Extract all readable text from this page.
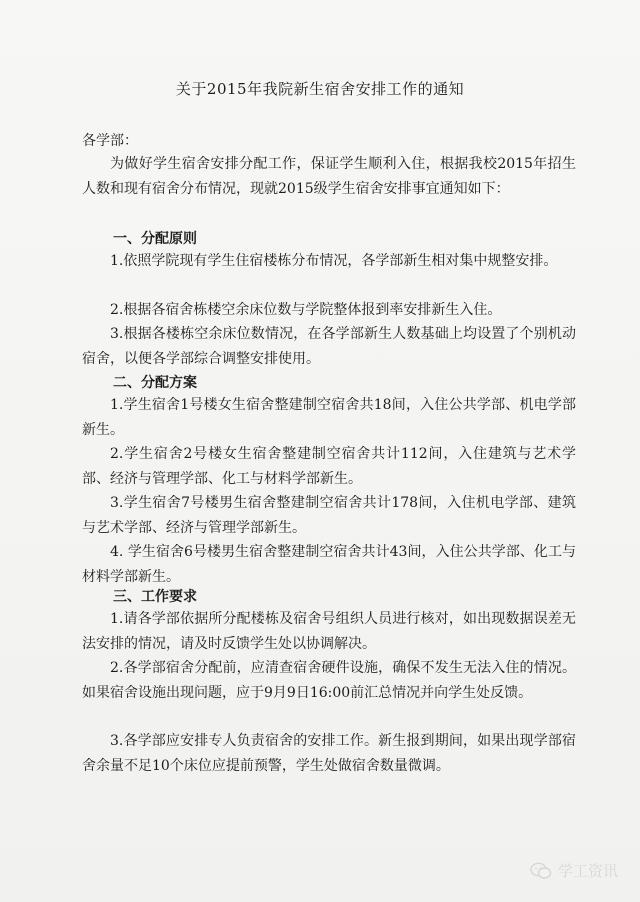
关于2015年我院新生宿舍安排工作的通知
各学部：

为做好学生宿舍安排分配工作，保证学生顺利入住，根据我校2015年招生人数和现有宿舍分布情况，现就2015级学生宿舍安排事宜通知如下：

一、分配原则

1.依照学院现有学生住宿楼栋分布情况，各学部新生相对集中规整安排。

2.根据各宿舍栋楼空余床位数与学院整体报到率安排新生入住。

3.根据各楼栋空余床位数情况，在各学部新生人数基础上均设置了个别机动宿舍，以便各学部综合调整安排使用。

二、分配方案

1.学生宿舍1号楼女生宿舍整建制空宿舍共18间，入住公共学部、机电学部新生。

2.学生宿舍2号楼女生宿舍整建制空宿舍共计112间，入住建筑与艺术学部、经济与管理学部、化工与材料学部新生。

3.学生宿舍7号楼男生宿舍整建制空宿舍共计178间，入住机电学部、建筑与艺术学部、经济与管理学部新生。

4. 学生宿舍6号楼男生宿舍整建制空宿舍共计43间，入住公共学部、化工与材料学部新生。

三、工作要求

1.请各学部依据所分配楼栋及宿舍号组织人员进行核对，如出现数据误差无法安排的情况，请及时反馈学生处以协调解决。

2.各学部宿舍分配前，应清查宿舍硬件设施，确保不发生无法入住的情况。如果宿舍设施出现问题，应于9月9日16:00前汇总情况并向学生处反馈。

3.各学部应安排专人负责宿舍的安排工作。新生报到期间，如果出现学部宿舍余量不足10个床位应提前预警，学生处做宿舍数量微调。

学工资讯
